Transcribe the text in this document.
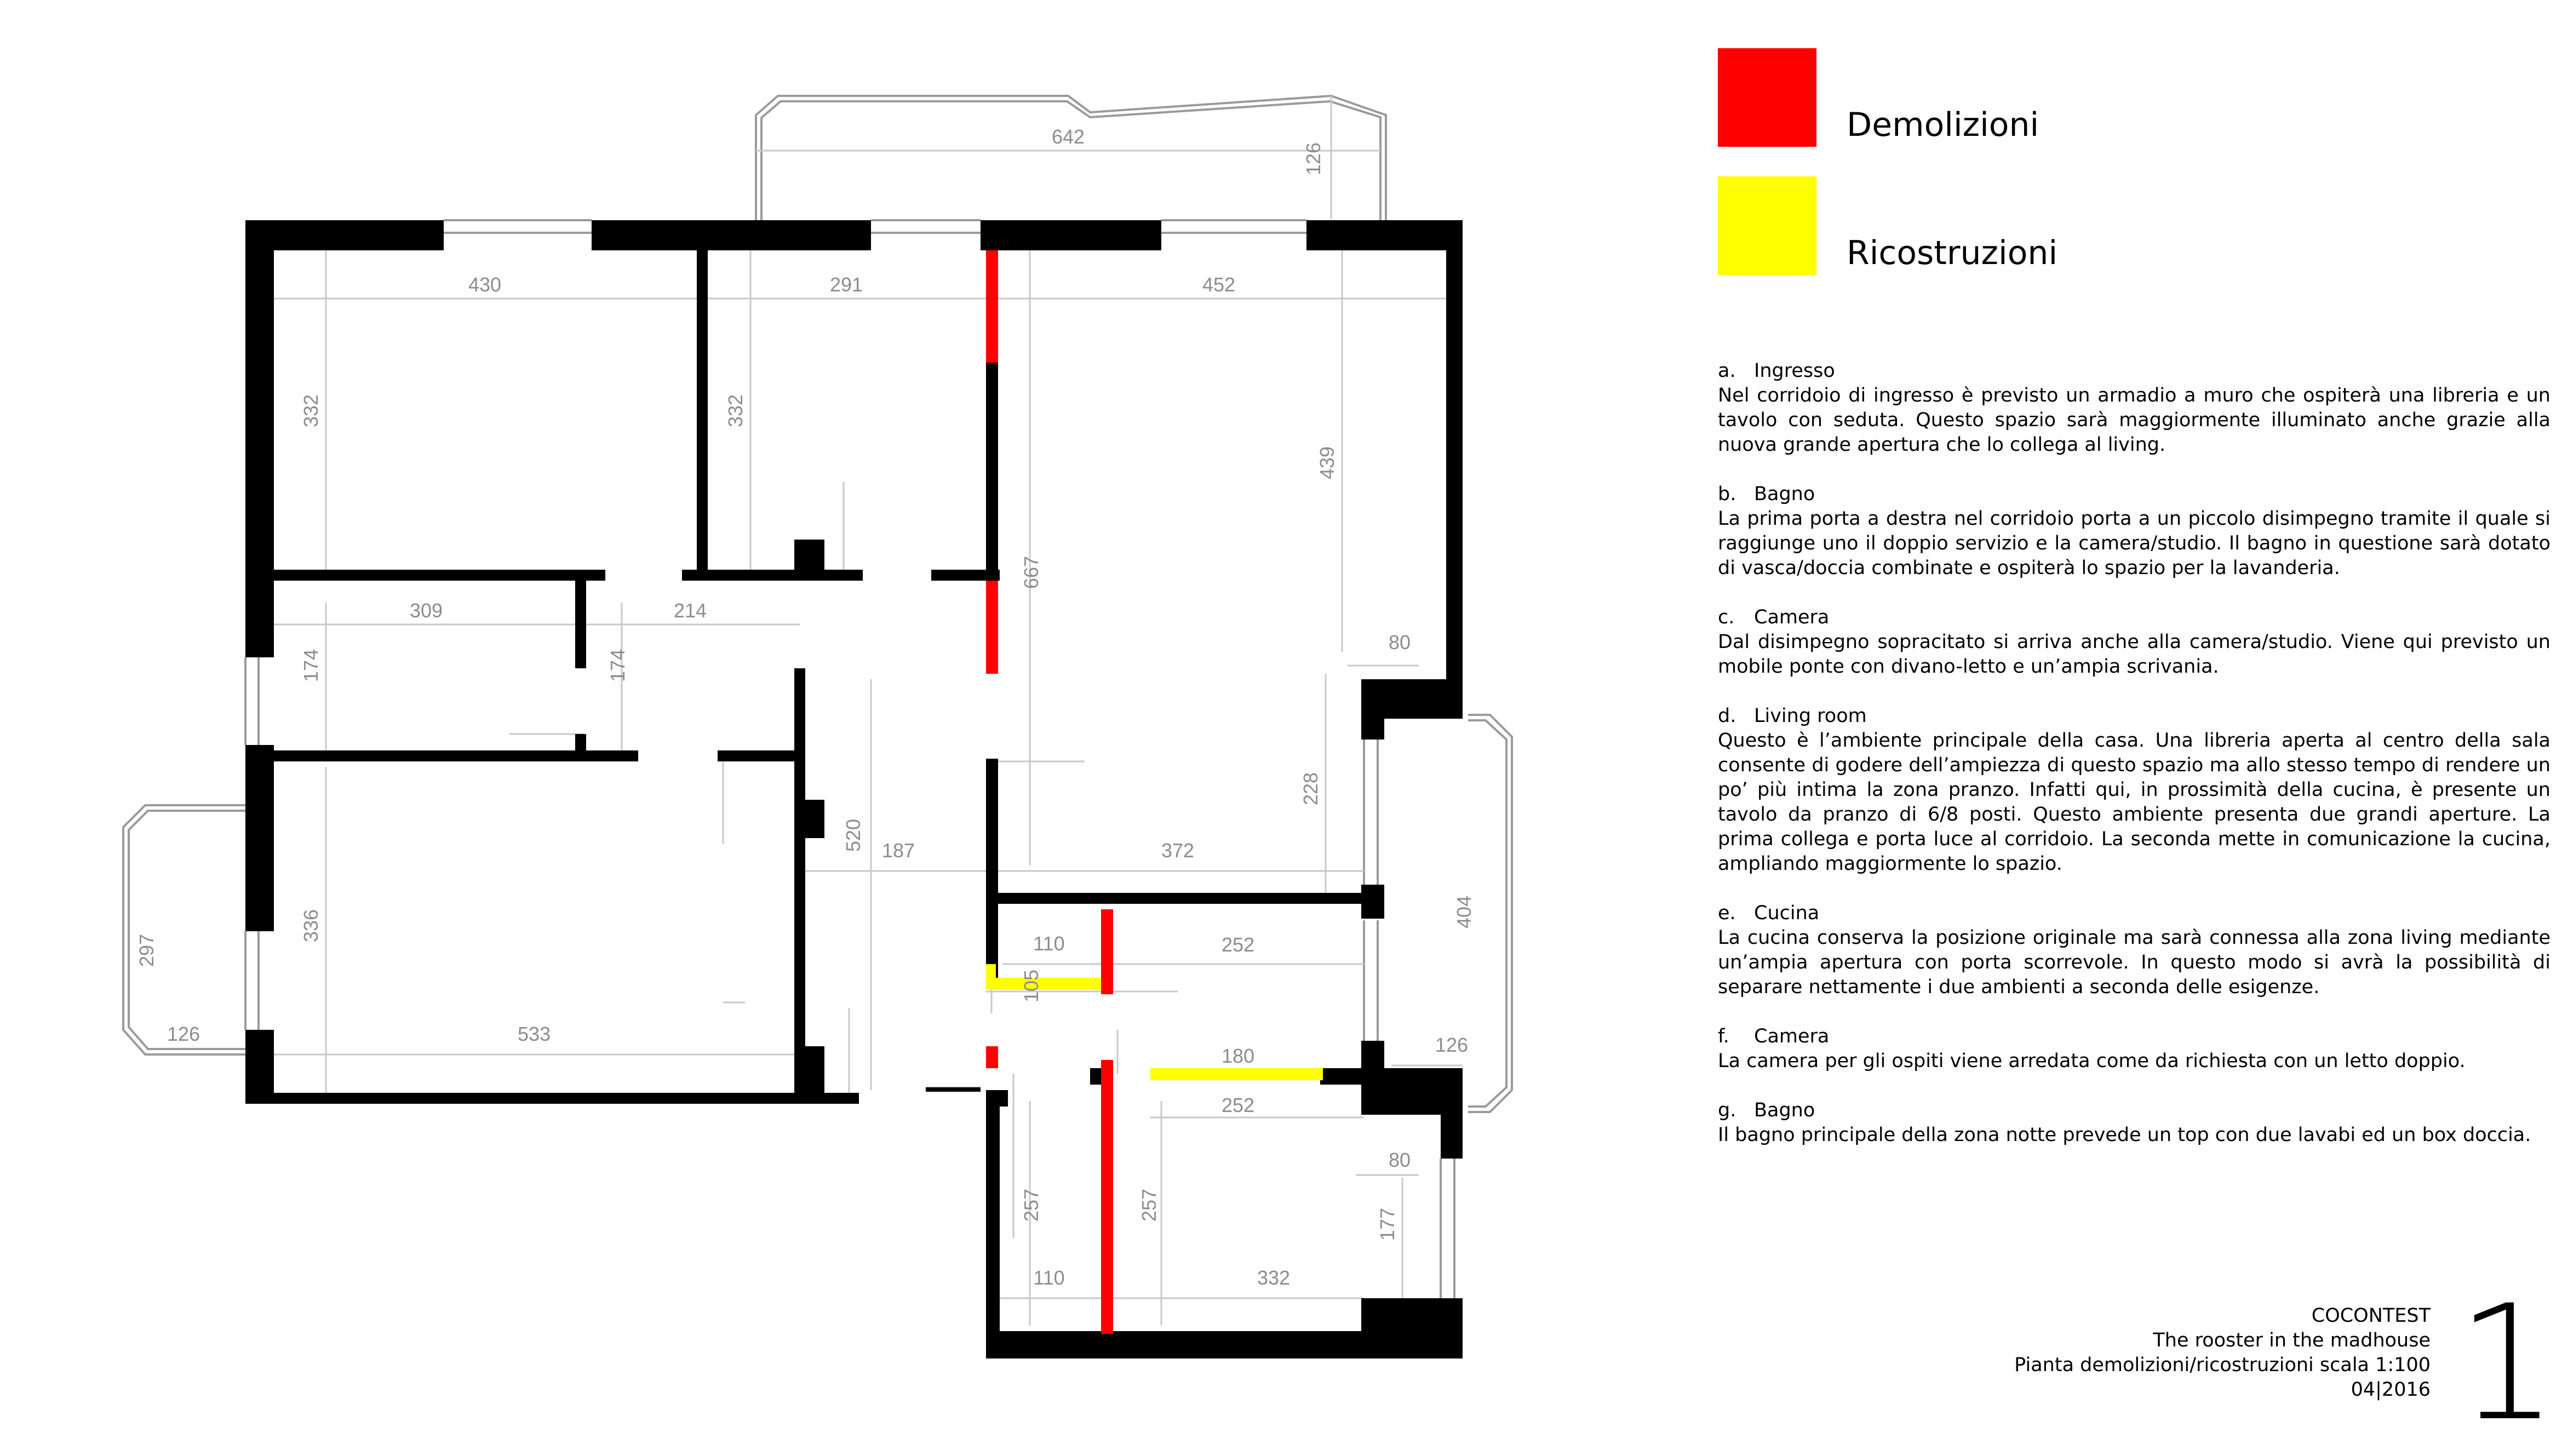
642
126
430	291	452
332	332
439
667
309	214
174	174
80
228
520 187	372
404
110	252
105
297
336
126	533	126
180
252
80
257	257
177
110	332
Demolizioni
Ricostruzioni
a. Ingresso
Nel corridoio di ingresso è previsto un armadio a muro che ospiterà una libreria e un tavolo con seduta. Questo spazio sarà maggiormente illuminato anche grazie alla nuova grande apertura che lo collega al living.
b. Bagno
La prima porta a destra nel corridoio porta a un piccolo disimpegno tramite il quale si raggiunge uno il doppio servizio e la camera/studio. Il bagno in questione sarà dotato di vasca/doccia combinate e ospiterà lo spazio per la lavanderia.
c.	Camera
Dal disimpegno sopracitato si arriva anche alla camera/studio. Viene qui previsto un mobile ponte con divano-letto e un’ampia scrivania.
d. Living room
Questo è l’ambiente principale della casa. Una libreria aperta al centro della sala consente di godere dell’ampiezza di questo spazio ma allo stesso tempo di rendere un po’ più intima la zona pranzo. Infatti qui, in prossimità della cucina, è presente un tavolo da pranzo di 6/8 posti. Questo ambiente presenta due grandi aperture. La prima collega e porta luce al corridoio. La seconda mette in comunicazione la cucina, ampliando maggiormente lo spazio.
e. Cucina
La cucina conserva la posizione originale ma sarà connessa alla zona living mediante un’ampia apertura con porta scorrevole. In questo modo si avrà la possibilità di separare nettamente i due ambienti a seconda delle esigenze.
f.	Camera
La camera per gli ospiti viene arredata come da richiesta con un letto doppio.
g. Bagno
Il bagno principale della zona notte prevede un top con due lavabi ed un box doccia.
COCONTEST
The rooster in the madhouse
Pianta demolizioni/ricostruzioni scala 1:100
04|2016 1
